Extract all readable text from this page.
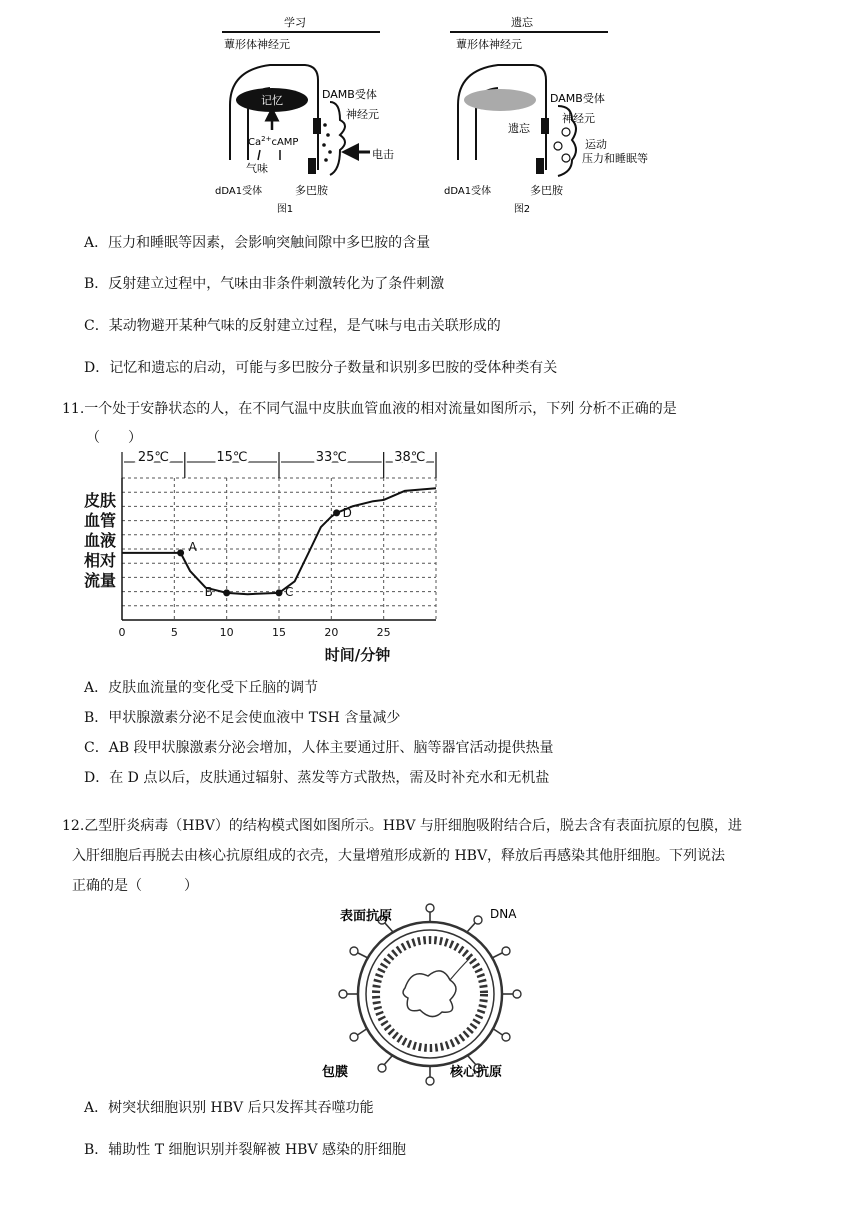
学习
蕈形体神经元
记忆
$Ca^{2+}cAMP$
气味
DAMB受体
神经元
电击
dDA1受体	多巴胺
图1
遗忘
蕈形体神经元
遗忘
DAMB受体
神经元
运动
压力和睡眠等
dDA1受体	多巴胺
图2
A．压力和睡眠等因素，会影响突触间隙中多巴胺的含量
B．反射建立过程中，气味由非条件刺激转化为了条件刺激
C．某动物避开某种气味的反射建立过程，是气味与电击关联形成的
D．记忆和遗忘的启动，可能与多巴胺分子数量和识别多巴胺的受体种类有关
11.一个处于安静状态的人，在不同气温中皮肤血管血液的相对流量如图所示，下列 分析不正确的是
（　　）
25℃	15℃	33℃	38℃
0	5	10	15	20	25
时间/分钟
皮肤
血管
血液
相对
流量
A
B	C
D
A．皮肤血流量的变化受下丘脑的调节
B．甲状腺激素分泌不足会使血液中 TSH 含量减少
C．AB 段甲状腺激素分泌会增加，人体主要通过肝、脑等器官活动提供热量
D．在 D 点以后，皮肤通过辐射、蒸发等方式散热，需及时补充水和无机盐
12.乙型肝炎病毒（HBV）的结构模式图如图所示。HBV 与肝细胞吸附结合后，脱去含有表面抗原的包膜，进
入肝细胞后再脱去由核心抗原组成的衣壳，大量增殖形成新的 HBV，释放后再感染其他肝细胞。下列说法
正确的是（　　　）
表面抗原	DNA
包膜	核心抗原
A．树突状细胞识别 HBV 后只发挥其吞噬功能
B．辅助性 T 细胞识别并裂解被 HBV 感染的肝细胞
